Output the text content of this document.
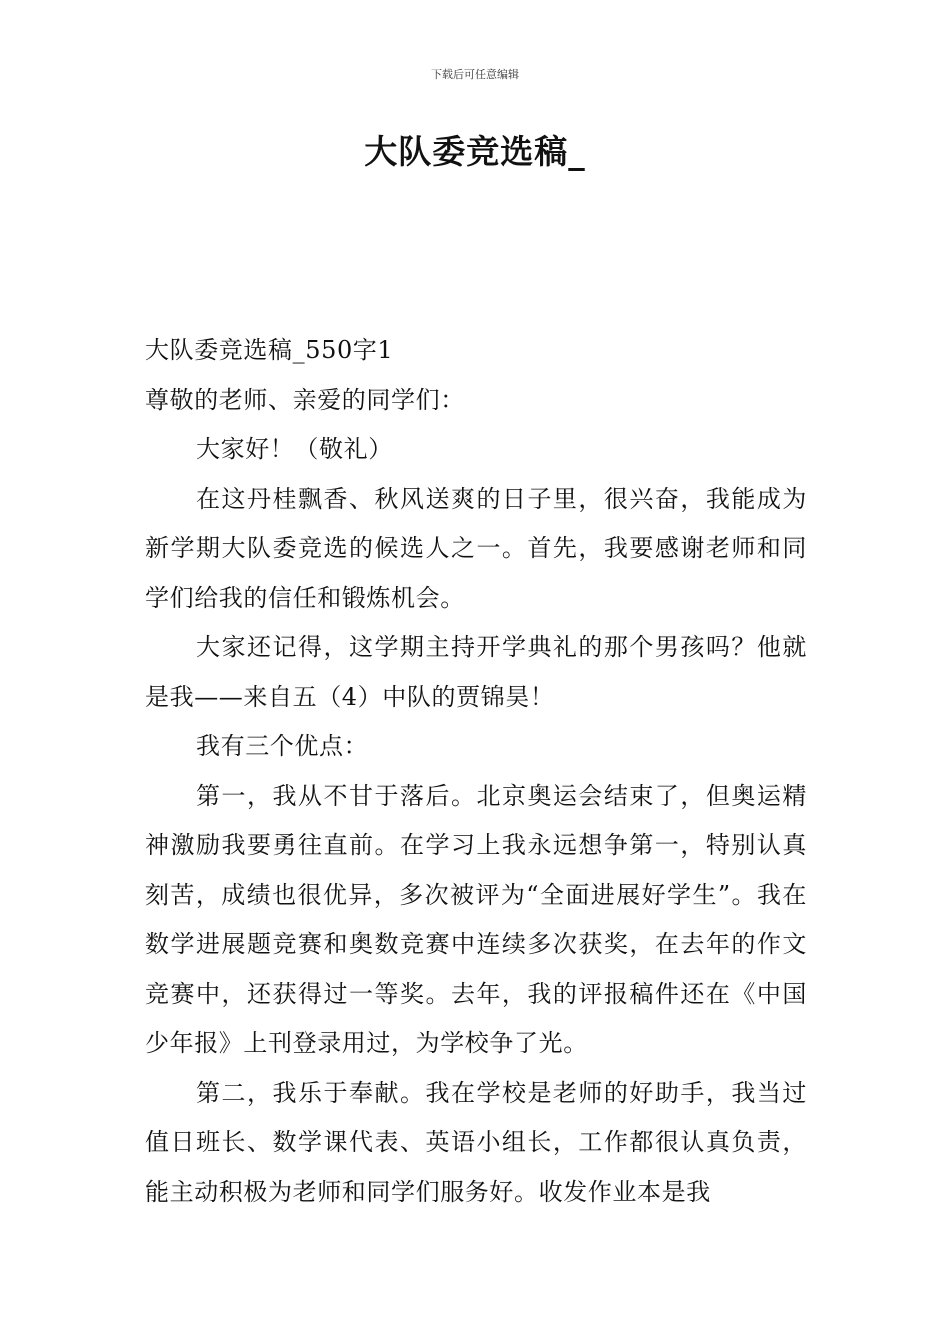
下载后可任意编辑
大队委竞选稿_

大队委竞选稿_550字1

尊敬的老师、亲爱的同学们：

大家好！（敬礼）

在这丹桂飘香、秋风送爽的日子里，很兴奋，我能成为新学期大队委竞选的候选人之一。首先，我要感谢老师和同学们给我的信任和锻炼机会。

大家还记得，这学期主持开学典礼的那个男孩吗？他就是我——来自五（4）中队的贾锦昊！

我有三个优点：

第一，我从不甘于落后。北京奥运会结束了，但奥运精神激励我要勇往直前。在学习上我永远想争第一，特别认真刻苦，成绩也很优异，多次被评为“全面进展好学生”。我在数学进展题竞赛和奥数竞赛中连续多次获奖，在去年的作文竞赛中，还获得过一等奖。去年，我的评报稿件还在《中国少年报》上刊登录用过，为学校争了光。

第二，我乐于奉献。我在学校是老师的好助手，我当过值日班长、数学课代表、英语小组长，工作都很认真负责，能主动积极为老师和同学们服务好。收发作业本是我
